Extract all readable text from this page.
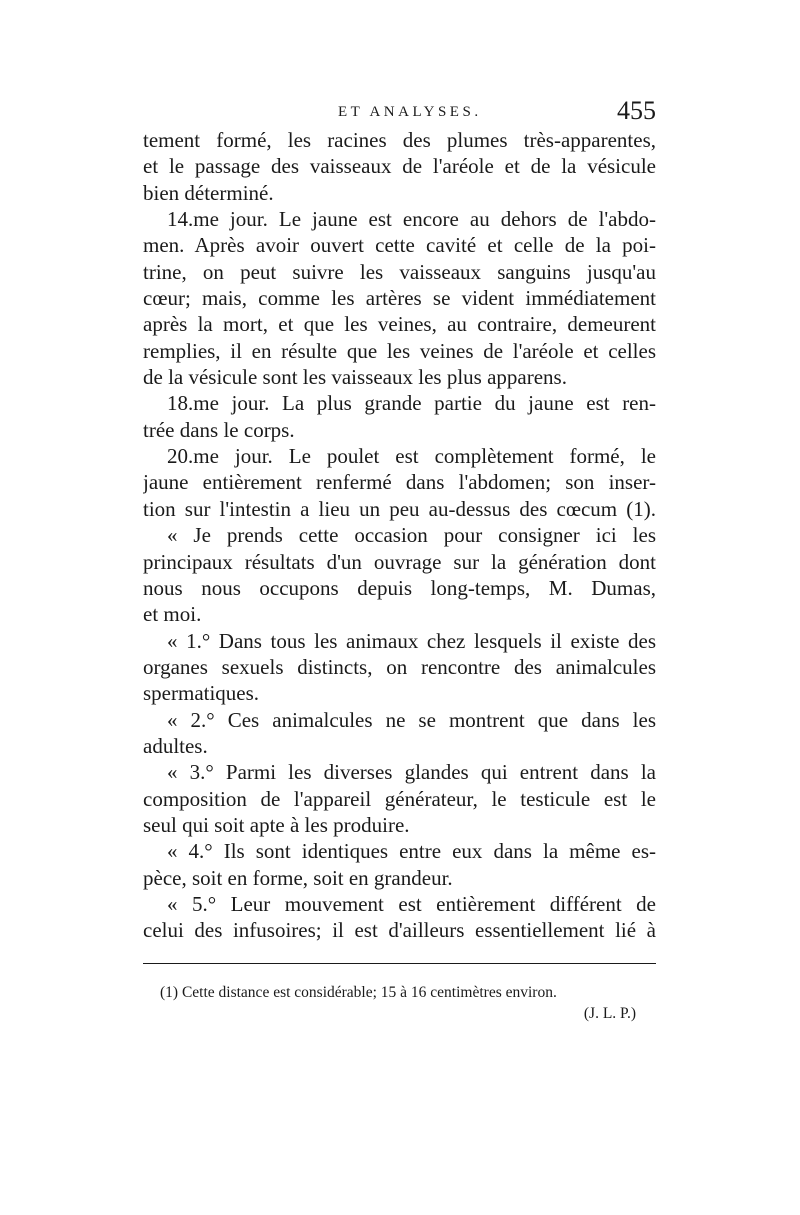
ET ANALYSES.	455
tement formé, les racines des plumes très-apparentes,
et le passage des vaisseaux de l'aréole et de la vésicule
bien déterminé.
14.me jour. Le jaune est encore au dehors de l'abdo-
men. Après avoir ouvert cette cavité et celle de la poi-
trine, on peut suivre les vaisseaux sanguins jusqu'au
cœur; mais, comme les artères se vident immédiatement
après la mort, et que les veines, au contraire, demeurent
remplies, il en résulte que les veines de l'aréole et celles
de la vésicule sont les vaisseaux les plus apparens.
18.me jour. La plus grande partie du jaune est ren-
trée dans le corps.
20.me jour. Le poulet est complètement formé, le
jaune entièrement renfermé dans l'abdomen; son inser-
tion sur l'intestin a lieu un peu au-dessus des cœcum (1).
« Je prends cette occasion pour consigner ici les
principaux résultats d'un ouvrage sur la génération dont
nous nous occupons depuis long-temps, M. Dumas,
et moi.
« 1.° Dans tous les animaux chez lesquels il existe des
organes sexuels distincts, on rencontre des animalcules
spermatiques.
« 2.° Ces animalcules ne se montrent que dans les
adultes.
« 3.° Parmi les diverses glandes qui entrent dans la
composition de l'appareil générateur, le testicule est le
seul qui soit apte à les produire.
« 4.° Ils sont identiques entre eux dans la même es-
pèce, soit en forme, soit en grandeur.
« 5.° Leur mouvement est entièrement différent de
celui des infusoires; il est d'ailleurs essentiellement lié à
(1) Cette distance est considérable; 15 à 16 centimètres environ.
(J. L. P.)
